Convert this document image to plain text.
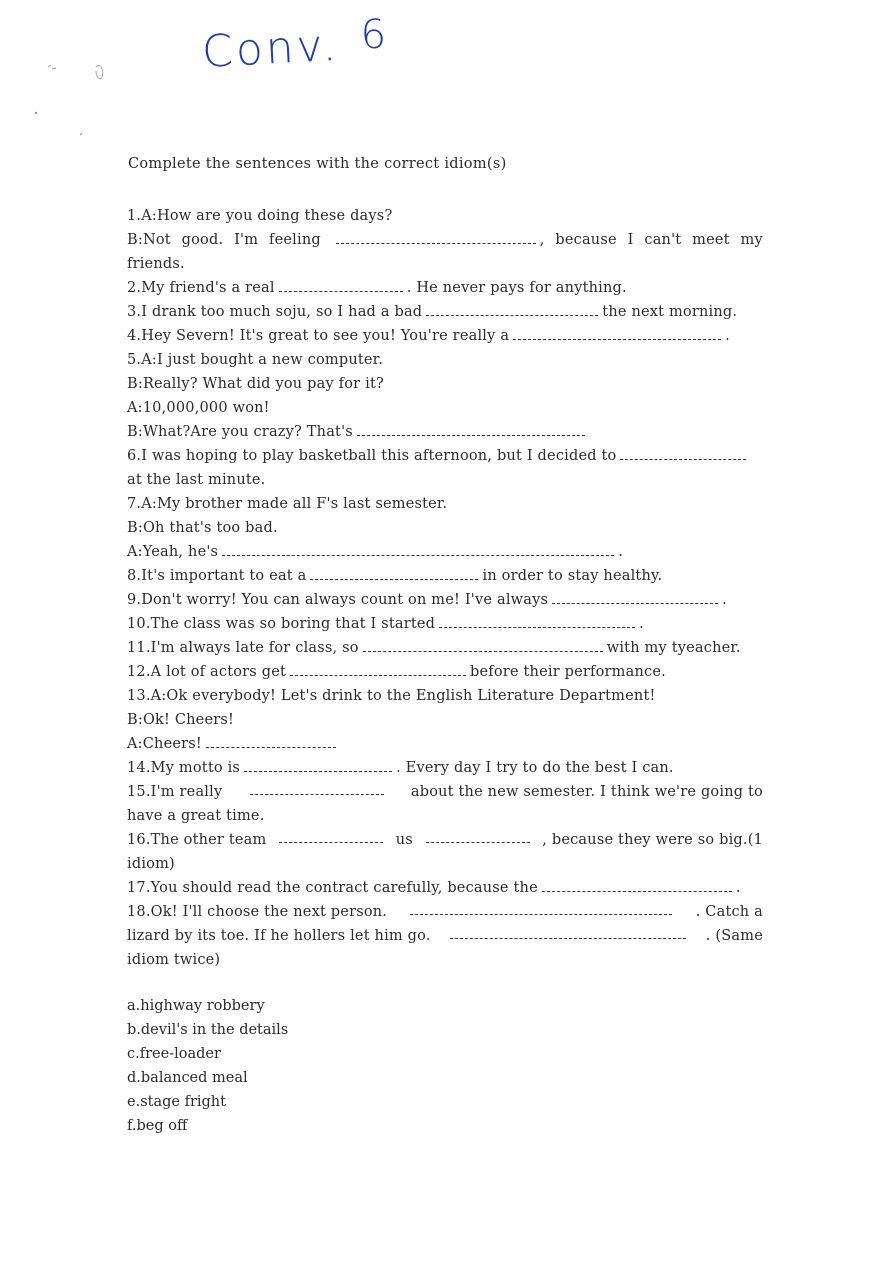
Conv. 6
Complete the sentences with the correct idiom(s)
1.A:How are you doing these days?
B:Not good. I'm feeling	, because I can't meet my
friends.
2.My friend's a real	. He never pays for anything.
3.I drank too much soju, so I had a bad	the next morning.
4.Hey Severn! It's great to see you! You're really a	.
5.A:I just bought a new computer.
B:Really? What did you pay for it?
A:10,000,000 won!
B:What?Are you crazy? That's
6.I was hoping to play basketball this afternoon, but I decided to
at the last minute.
7.A:My brother made all F's last semester.
B:Oh that's too bad.
A:Yeah, he's	.
8.It's important to eat a	in order to stay healthy.
9.Don't worry! You can always count on me! I've always	.
10.The class was so boring that I started	.
11.I'm always late for class, so	with my tyeacher.
12.A lot of actors get	before their performance.
13.A:Ok everybody! Let's drink to the English Literature Department!
B:Ok! Cheers!
A:Cheers!
14.My motto is	. Every day I try to do the best I can.
15.I'm really	about the new semester. I think we're going to
have a great time.
16.The other team	us	, because they were so big.(1
idiom)
17.You should read the contract carefully, because the	.
18.Ok! I'll choose the next person.	. Catch a
lizard by its toe. If he hollers let him go.	. (Same
idiom twice)
a.highway robbery
b.devil's in the details
c.free-loader
d.balanced meal
e.stage fright
f.beg off
